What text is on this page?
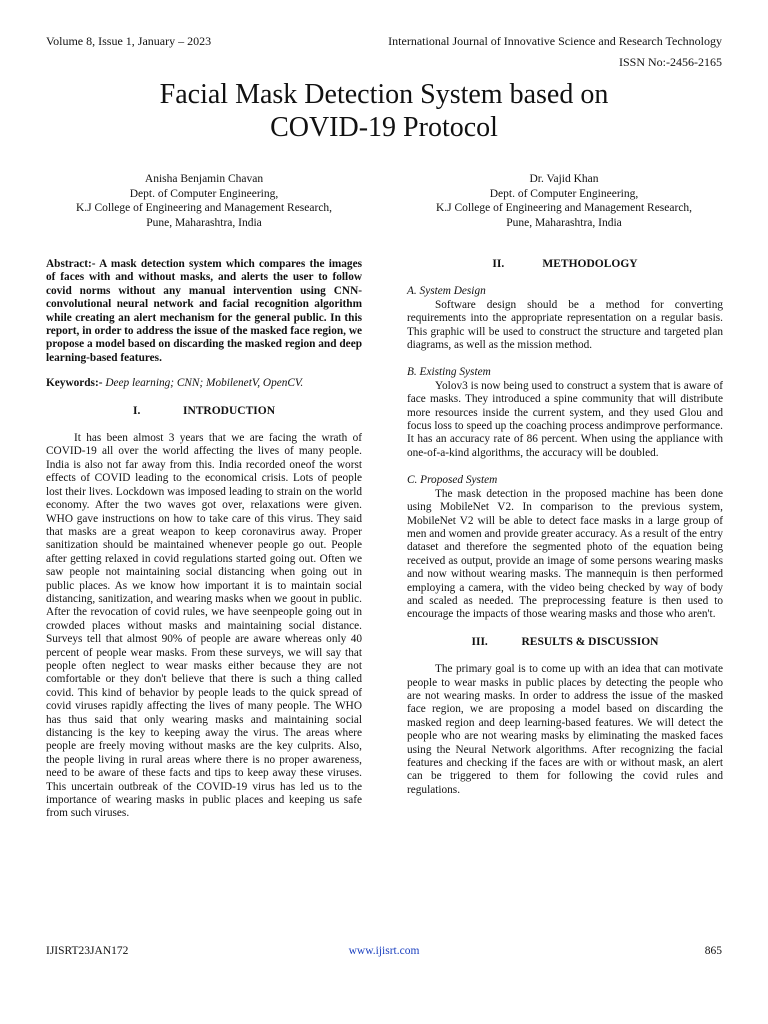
Volume 8, Issue 1, January – 2023	International Journal of Innovative Science and Research Technology
ISSN No:-2456-2165
Facial Mask Detection System based on
COVID-19 Protocol
Anisha Benjamin Chavan
Dept. of Computer Engineering,
K.J College of Engineering and Management Research,
Pune, Maharashtra, India
Dr. Vajid Khan
Dept. of Computer Engineering,
K.J College of Engineering and Management Research,
Pune, Maharashtra, India

Abstract:- A mask detection system which compares the images of faces with and without masks, and alerts the user to follow covid norms without any manual intervention using CNN-convolutional neural network and facial recognition algorithm while creating an alert mechanism for the general public. In this report, in order to address the issue of the masked face region, we propose a model based on discarding the masked region and deep learning-based features.

Keywords:- Deep learning; CNN; MobilenetV, OpenCV.

I.	INTRODUCTION

It has been almost 3 years that we are facing the wrath of COVID-19 all over the world affecting the lives of many people. India is also not far away from this. India recorded oneof the worst effects of COVID leading to the economical crisis. Lots of people lost their lives. Lockdown was imposed leading to strain on the world economy. After the two waves got over, relaxations were given. WHO gave instructions on how to take care of this virus. They said that masks are a great weapon to keep coronavirus away. Proper sanitization should be maintained whenever people go out. People after getting relaxed in covid regulations started going out. Often we saw people not maintaining social distancing when going out in public places. As we know how important it is to maintain social distancing, sanitization, and wearing masks when we goout in public. After the revocation of covid rules, we have seenpeople going out in crowded places without masks and maintaining social distance. Surveys tell that almost 90% of people are aware whereas only 40 percent of people wear masks. From these surveys, we will say that people often neglect to wear masks either because they are not comfortable or they don't believe that there is such a thing called covid. This kind of behavior by people leads to the quick spread of covid viruses rapidly affecting the lives of many people. The WHO has thus said that only wearing masks and maintaining social distancing is the key to keeping away the virus. The areas where people are freely moving without masks are the key culprits. Also, the people living in rural areas where there is no proper awareness, need to be aware of these facts and tips to keep away these viruses. This uncertain outbreak of the COVID-19 virus has led us to the importance of wearing masks in public places and keeping us safe from such viruses.

II.	METHODOLOGY

A. System Design

Software design should be a method for converting requirements into the appropriate representation on a regular basis. This graphic will be used to construct the structure and targeted plan diagrams, as well as the mission method.

B. Existing System

Yolov3 is now being used to construct a system that is aware of face masks. They introduced a spine community that will distribute more resources inside the current system, and they used Glou and focus loss to speed up the coaching process andimprove performance. It has an accuracy rate of 86 percent. When using the appliance with one-of-a-kind algorithms, the accuracy will be doubled.

C. Proposed System

The mask detection in the proposed machine has been done using MobileNet V2. In comparison to the previous system, MobileNet V2 will be able to detect face masks in a large group of men and women and provide greater accuracy. As a result of the entry dataset and therefore the segmented photo of the equation being received as output, provide an image of some persons wearing masks and now without wearing masks. The mannequin is then performed employing a camera, with the video being checked by way of body and scaled as needed. The preprocessing feature is then used to encourage the impacts of those wearing masks and those who aren't.

III.	RESULTS & DISCUSSION

The primary goal is to come up with an idea that can motivate people to wear masks in public places by detecting the people who are not wearing masks. In order to address the issue of the masked face region, we are proposing a model based on discarding the masked region and deep learning-based features. We will detect the people who are not wearing masks by eliminating the masked faces using the Neural Network algorithms. After recognizing the facial features and checking if the faces are with or without mask, an alert can be triggered to them for following the covid rules and regulations.

IJISRT23JAN172	www.ijisrt.com	865
